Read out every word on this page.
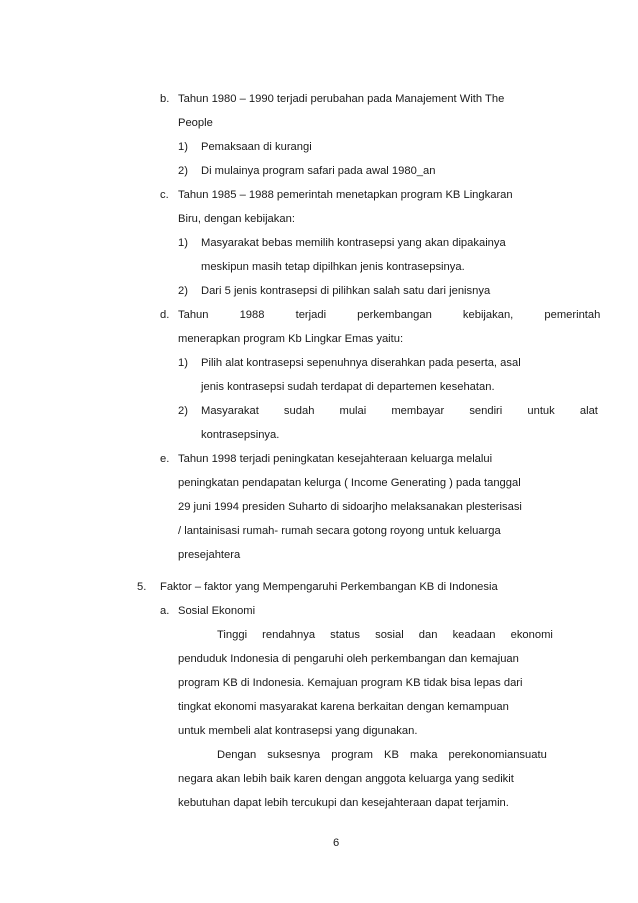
b. Tahun 1980 – 1990 terjadi perubahan pada Manajement With The
People
1) Pemaksaan di kurangi
2) Di mulainya program safari pada awal 1980_an
c. Tahun 1985 – 1988 pemerintah menetapkan program KB Lingkaran
Biru, dengan kebijakan:
1) Masyarakat bebas memilih kontrasepsi yang akan dipakainya
meskipun masih tetap dipilhkan jenis kontrasepsinya.
2) Dari 5 jenis kontrasepsi di pilihkan salah satu dari jenisnya
d. Tahun 1988 terjadi perkembangan kebijakan, pemerintah
menerapkan program Kb Lingkar Emas yaitu:
1) Pilih alat kontrasepsi sepenuhnya diserahkan pada peserta, asal
jenis kontrasepsi sudah terdapat di departemen kesehatan.
2) Masyarakat sudah mulai membayar sendiri untuk alat
kontrasepsinya.
e. Tahun 1998 terjadi peningkatan kesejahteraan keluarga melalui
peningkatan pendapatan kelurga ( Income Generating ) pada tanggal
29 juni 1994 presiden Suharto di sidoarjho melaksanakan plesterisasi
/ lantainisasi rumah- rumah secara gotong royong untuk keluarga
presejahtera
5. Faktor – faktor yang Mempengaruhi Perkembangan KB di Indonesia
a. Sosial Ekonomi
Tinggi rendahnya status sosial dan keadaan ekonomi
penduduk Indonesia di pengaruhi oleh perkembangan dan kemajuan
program KB di Indonesia. Kemajuan program KB tidak bisa lepas dari
tingkat ekonomi masyarakat karena berkaitan dengan kemampuan
untuk membeli alat kontrasepsi yang digunakan.
Dengan suksesnya program KB maka perekonomiansuatu
negara akan lebih baik karen dengan anggota keluarga yang sedikit
kebutuhan dapat lebih tercukupi dan kesejahteraan dapat terjamin.
6
